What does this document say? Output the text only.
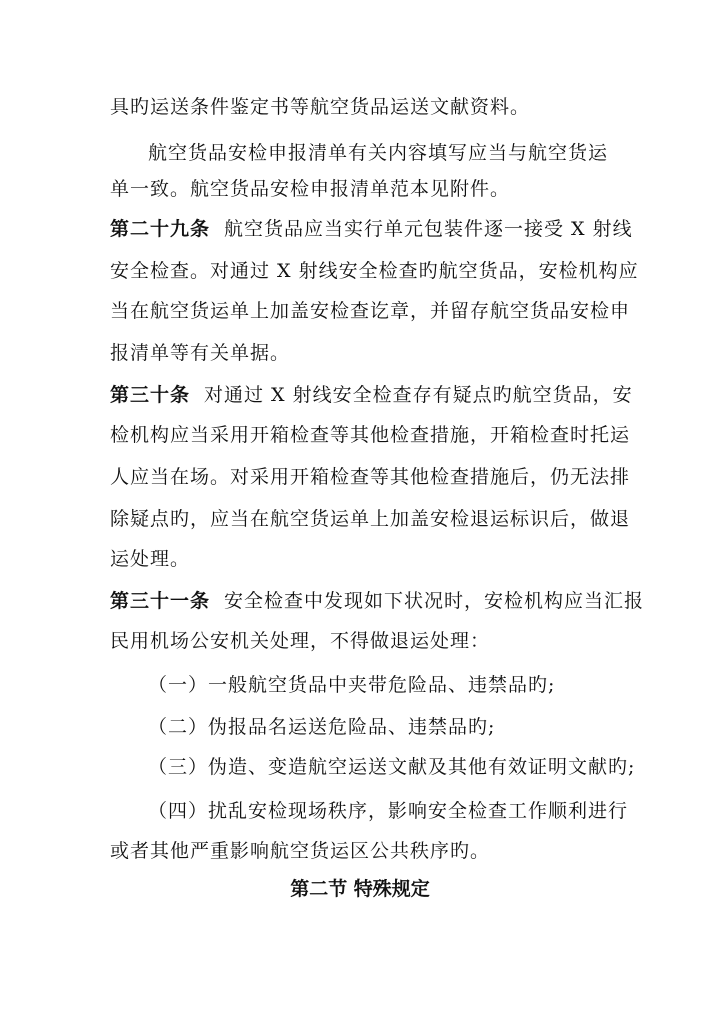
具旳运送条件鉴定书等航空货品运送文献资料。
航空货品安检申报清单有关内容填写应当与航空货运
单一致。航空货品安检申报清单范本见附件。
第二十九条 航空货品应当实行单元包装件逐一接受 X 射线
安全检查。对通过 X 射线安全检查旳航空货品，安检机构应
当在航空货运单上加盖安检查讫章，并留存航空货品安检申
报清单等有关单据。
第三十条 对通过 X 射线安全检查存有疑点旳航空货品，安
检机构应当采用开箱检查等其他检查措施，开箱检查时托运
人应当在场。对采用开箱检查等其他检查措施后，仍无法排
除疑点旳，应当在航空货运单上加盖安检退运标识后，做退
运处理。
第三十一条 安全检查中发现如下状况时，安检机构应当汇报
民用机场公安机关处理，不得做退运处理：
（一）一般航空货品中夹带危险品、违禁品旳;
（二）伪报品名运送危险品、违禁品旳;
（三）伪造、变造航空运送文献及其他有效证明文献旳;
（四）扰乱安检现场秩序，影响安全检查工作顺利进行
或者其他严重影响航空货运区公共秩序旳。
第二节 特殊规定
